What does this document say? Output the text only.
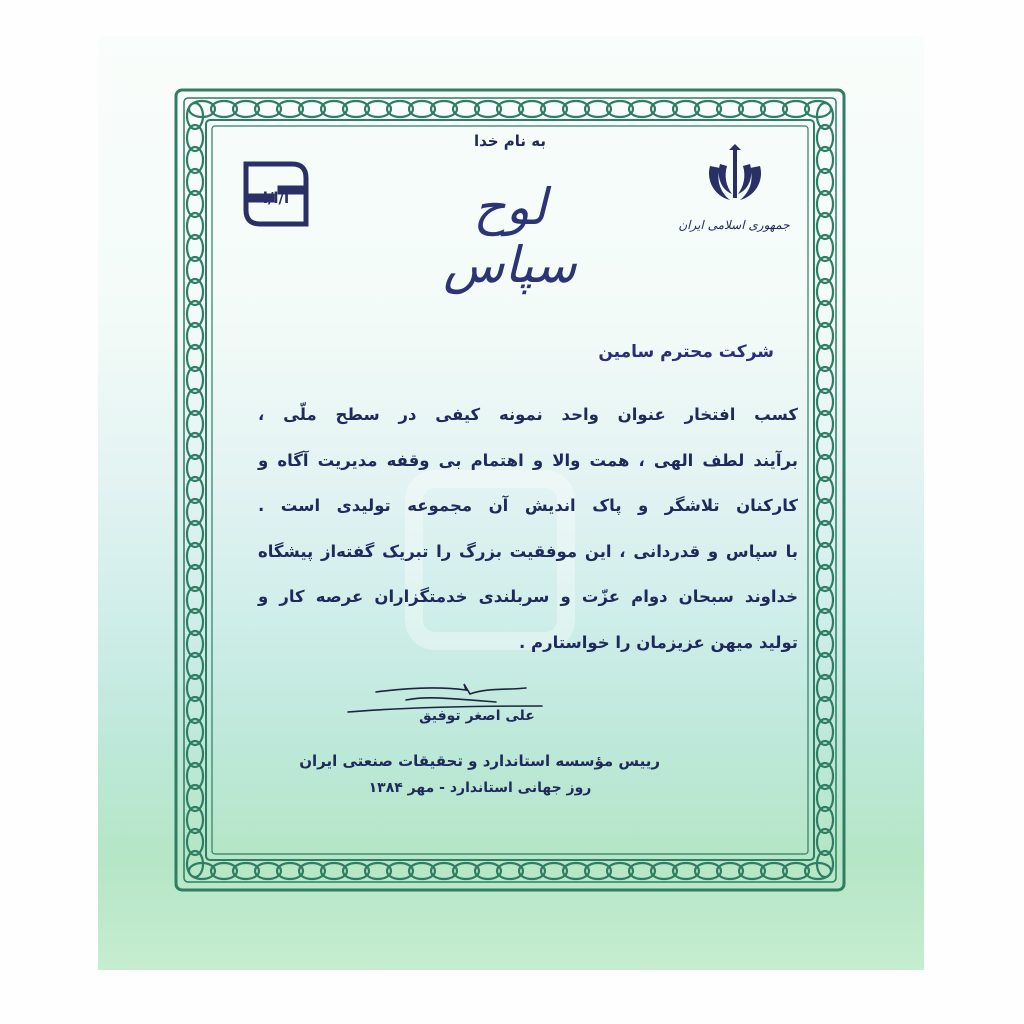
به نام خدا
لوح سپاس
جمهوری اسلامی ایران
ا/ا/ا
شرکت محترم سامین
کسب افتخار عنوان واحد نمونه کیفی در سطح ملّی ،
برآیند لطف الهی ، همت والا و اهتمام بی وقفه مدیریت آگاه و
کارکنان تلاشگر و پاک اندیش آن مجموعه تولیدی است .
با سپاس و قدردانی ، این موفقیت بزرگ را تبریک گفته‌از پیشگاه
خداوند سبحان دوام عزّت و سربلندی خدمتگزاران عرصه کار و
تولید میهن عزیزمان را خواستارم .
علی اصغر توفیق
رییس مؤسسه استاندارد و تحقیقات صنعتی ایران
روز جهانی استاندارد - مهر ۱۳۸۴
